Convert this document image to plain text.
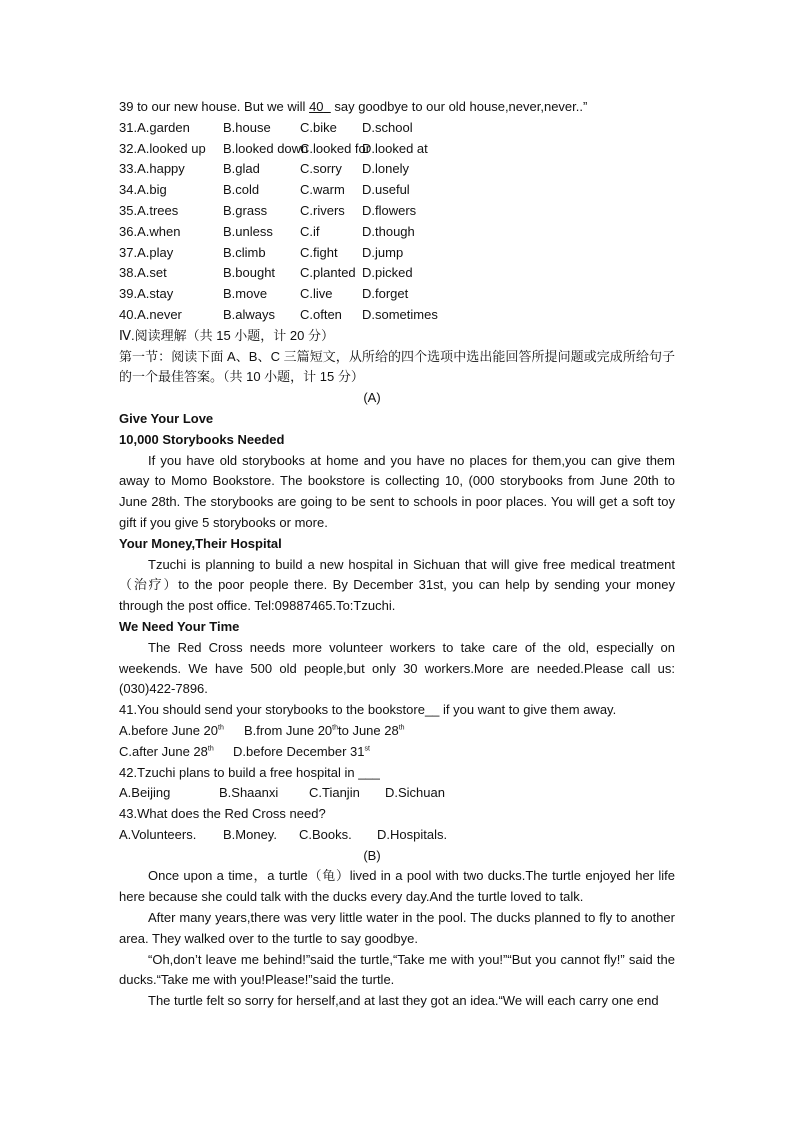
39 to our new house. But we will 40   say goodbye to our old house,never,never..”
31.A.garden	B.house C.bike D.school
32.A.looked up B.looked downC.looked forD.looked at
33.A.happy	B.glad	C.sorry D.lonely
34.A.big	B.cold	C.warm D.useful
35.A.trees	B.grass	C.rivers D.flowers
36.A.when	B.unless C.if	D.though
37.A.play	B.climb	C.fight D.jump
38.A.set	B.bought C.planted D.picked
39.A.stay	B.move	C.live D.forget
40.A.never	B.always C.often D.sometimes
Ⅳ.阅读理解（共 15 小题，计 20 分）
第一节：阅读下面 A、B、C 三篇短文，从所给的四个选项中选出能回答所提问题或完成所给句子的一个最佳答案。（共 10 小题，计 15 分）
(A)
Give Your Love
10,000 Storybooks Needed
If you have old storybooks at home and you have no places for them,you can give them away to Momo Bookstore. The bookstore is collecting 10, (000 storybooks from June 20th to June 28th. The storybooks are going to be sent to schools in poor places. You will get a soft toy gift if you give 5 storybooks or more.
Your Money,Their Hospital
Tzuchi is planning to build a new hospital in Sichuan that will give free medical treatment（治疗）to the poor people there. By December 31st, you can help by sending your money through the post office. Tel:09887465.To:Tzuchi.
We Need Your Time
The Red Cross needs more volunteer workers to take care of the old, especially on weekends. We have 500 old people,but only 30 workers.More are needed.Please call us:(030)422-7896.
41.You should send your storybooks to the bookstore__ if you want to give them away.
A.before June 20th B.from June 20thto June 28th
C.after June 28th D.before December 31st
42.Tzuchi plans to build a free hospital in ___
A.Beijing	B.Shaanxi C.Tianjin D.Sichuan
43.What does the Red Cross need?
A.Volunteers. B.Money. C.Books. D.Hospitals.
(B)
Once upon a time，a turtle（龟）lived in a pool with two ducks.The turtle enjoyed her life here because she could talk with the ducks every day.And the turtle loved to talk.
After many years,there was very little water in the pool. The ducks planned to fly to another area. They walked over to the turtle to say goodbye.
“Oh,don’t leave me behind!”said the turtle,“Take me with you!”“But you cannot fly!” said the ducks.“Take me with you!Please!”said the turtle.
The turtle felt so sorry for herself,and at last they got an idea.“We will each carry one end
